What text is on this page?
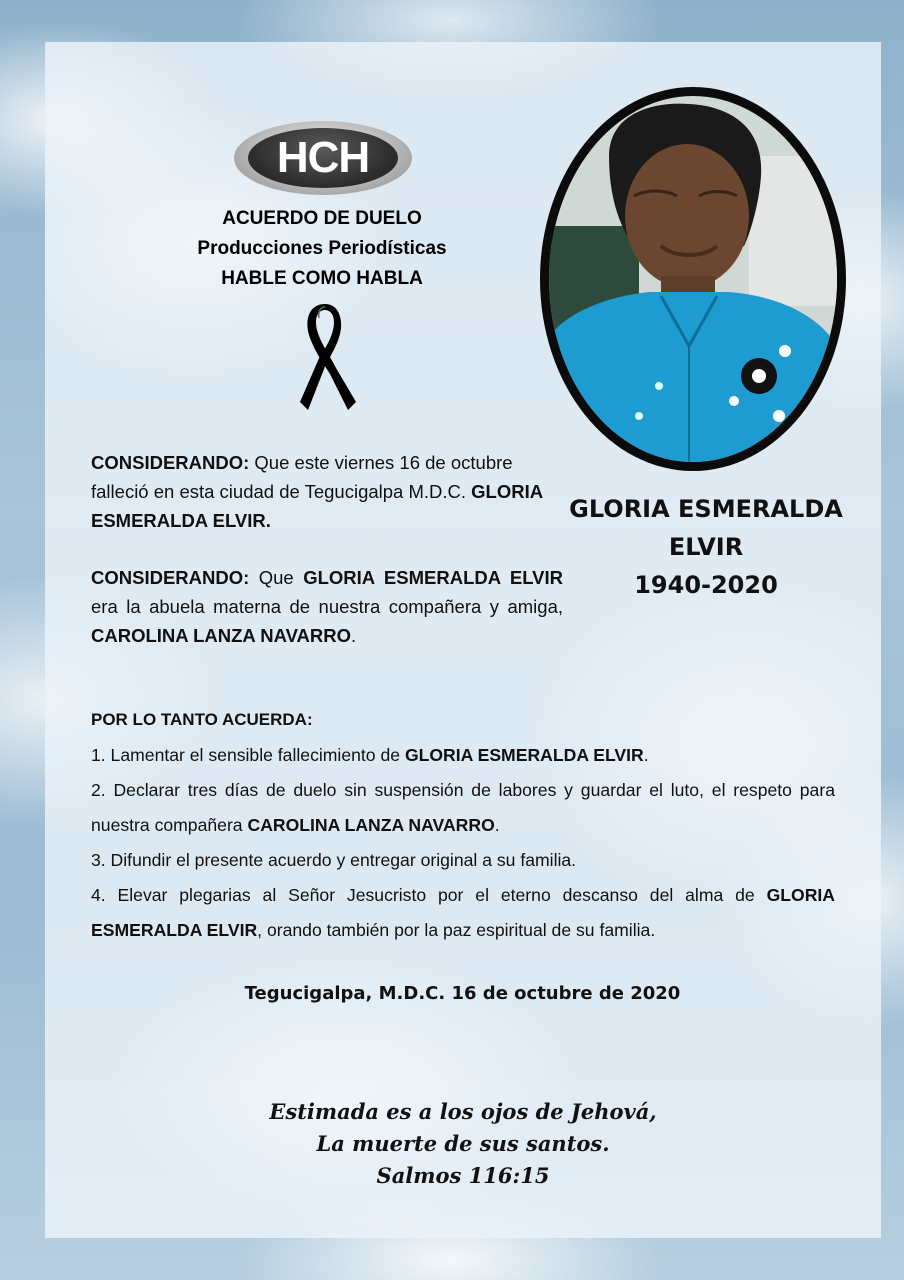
HCH
ACUERDO DE DUELO
Producciones Periodísticas
HABLE COMO HABLA
GLORIA ESMERALDA
ELVIR
1940-2020
CONSIDERANDO: Que este viernes 16 de octubre falleció en esta ciudad de Tegucigalpa M.D.C. GLORIA ESMERALDA ELVIR.
CONSIDERANDO: Que GLORIA ESMERALDA ELVIR era la abuela materna de nuestra compañera y amiga, CAROLINA LANZA NAVARRO.
POR LO TANTO ACUERDA:
1. Lamentar el sensible fallecimiento de GLORIA ESMERALDA ELVIR.
2. Declarar tres días de duelo sin suspensión de labores y guardar el luto, el respeto para nuestra compañera CAROLINA LANZA NAVARRO.
3. Difundir el presente acuerdo y entregar original a su familia.
4. Elevar plegarias al Señor Jesucristo por el eterno descanso del alma de GLORIA ESMERALDA ELVIR, orando también por la paz espiritual de su familia.
Tegucigalpa, M.D.C. 16 de octubre de 2020
Estimada es a los ojos de Jehová,
La muerte de sus santos.
Salmos 116:15
